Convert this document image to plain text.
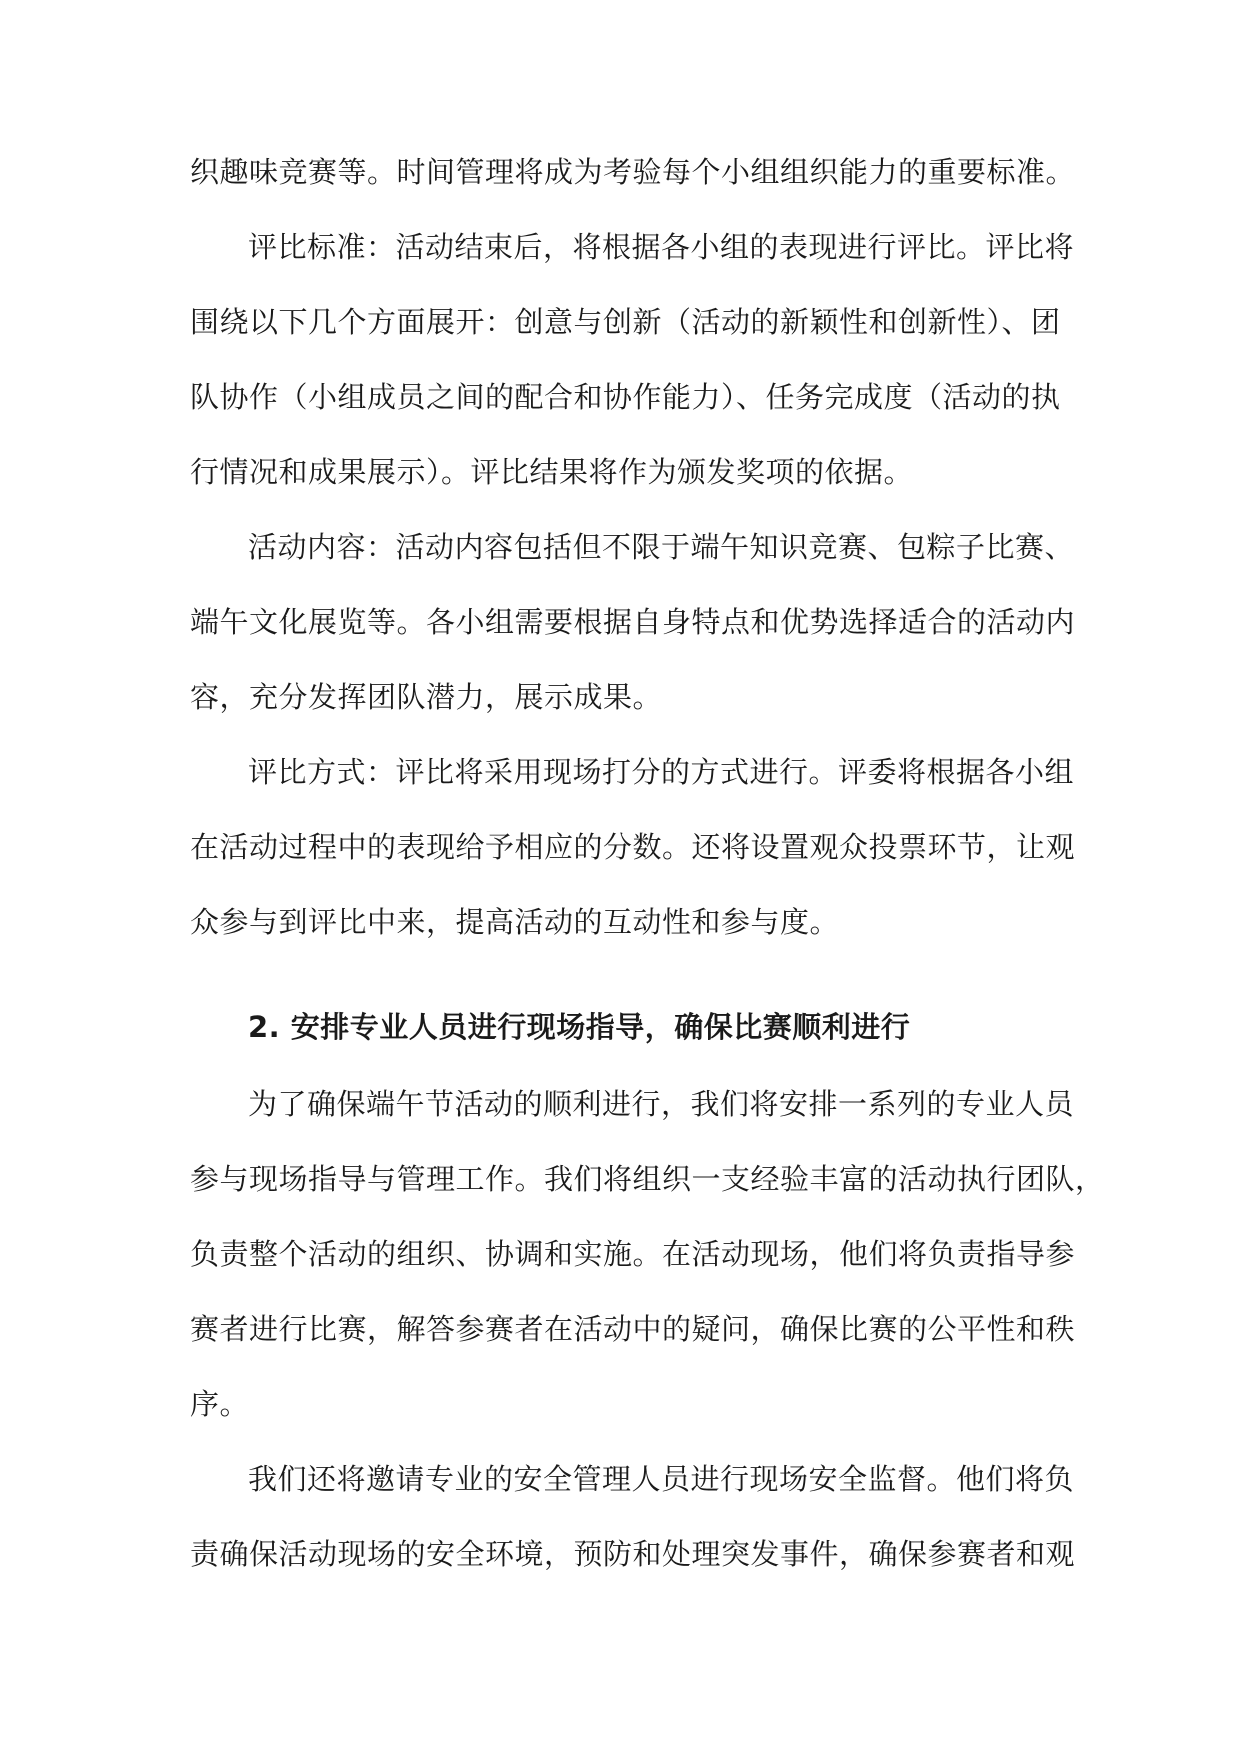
织趣味竞赛等。时间管理将成为考验每个小组组织能力的重要标准。
评比标准：活动结束后，将根据各小组的表现进行评比。评比将
围绕以下几个方面展开：创意与创新（活动的新颖性和创新性）、团
队协作（小组成员之间的配合和协作能力）、任务完成度（活动的执
行情况和成果展示）。评比结果将作为颁发奖项的依据。
活动内容：活动内容包括但不限于端午知识竞赛、包粽子比赛、
端午文化展览等。各小组需要根据自身特点和优势选择适合的活动内
容，充分发挥团队潜力，展示成果。
评比方式：评比将采用现场打分的方式进行。评委将根据各小组
在活动过程中的表现给予相应的分数。还将设置观众投票环节，让观
众参与到评比中来，提高活动的互动性和参与度。
2. 安排专业人员进行现场指导，确保比赛顺利进行
为了确保端午节活动的顺利进行，我们将安排一系列的专业人员
参与现场指导与管理工作。我们将组织一支经验丰富的活动执行团队，
负责整个活动的组织、协调和实施。在活动现场，他们将负责指导参
赛者进行比赛，解答参赛者在活动中的疑问，确保比赛的公平性和秩
序。
我们还将邀请专业的安全管理人员进行现场安全监督。他们将负
责确保活动现场的安全环境，预防和处理突发事件，确保参赛者和观
